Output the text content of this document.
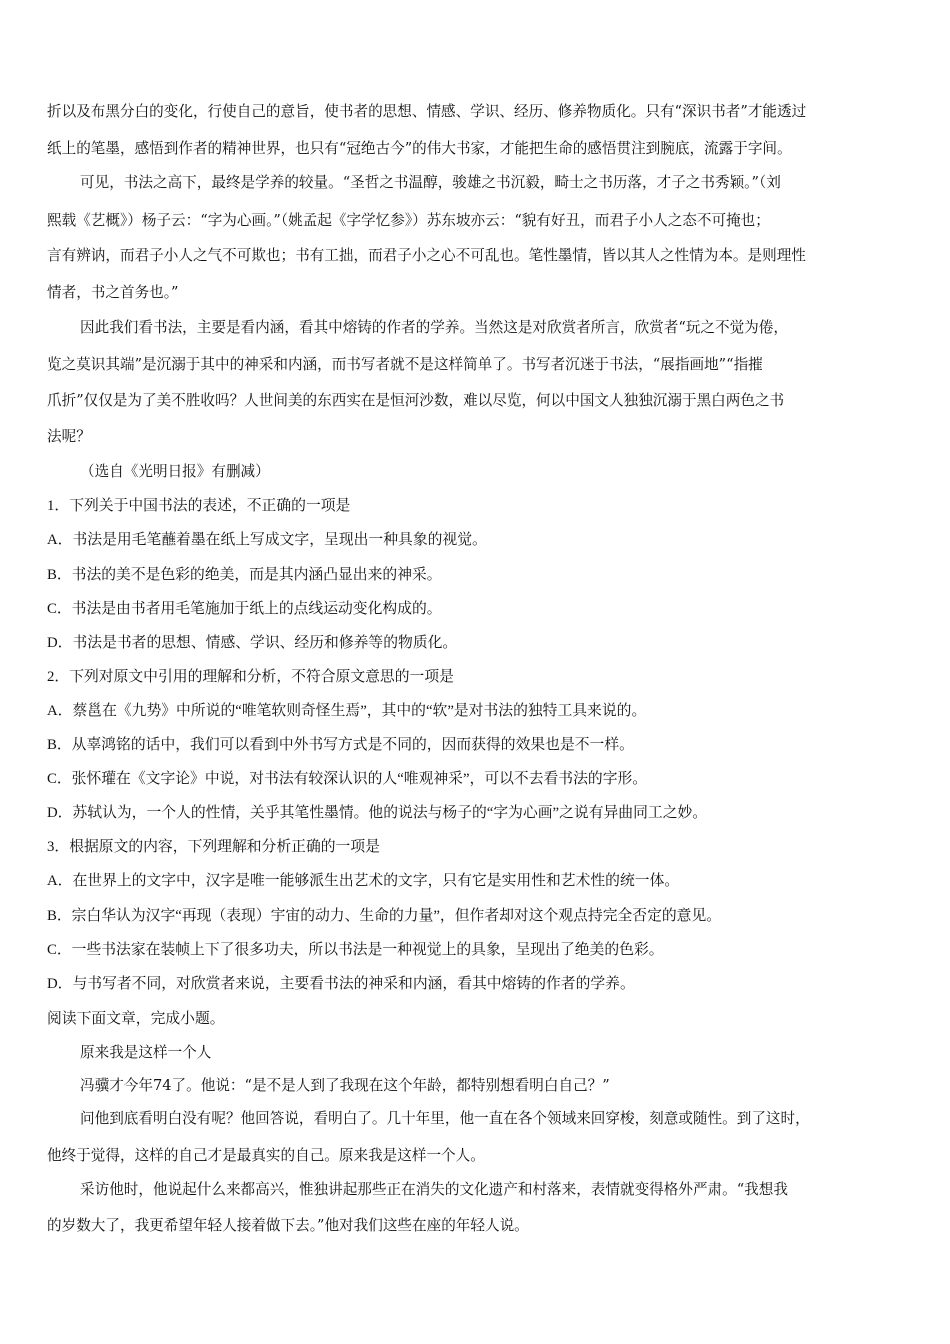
折以及布黑分白的变化，行使自己的意旨，使书者的思想、情感、学识、经历、修养物质化。只有“深识书者”才能透过
纸上的笔墨，感悟到作者的精神世界，也只有“冠绝古今”的伟大书家，才能把生命的感悟贯注到腕底，流露于字间。
可见，书法之高下，最终是学养的较量。“圣哲之书温醇，骏雄之书沉毅，畸士之书历落，才子之书秀颖。”（刘
熙载《艺概》）杨子云：“字为心画。”（姚孟起《字学忆参》）苏东坡亦云：“貌有好丑，而君子小人之态不可掩也；
言有辨讷，而君子小人之气不可欺也；书有工拙，而君子小之心不可乱也。笔性墨情，皆以其人之性情为本。是则理性
情者，书之首务也。”
因此我们看书法，主要是看内涵，看其中熔铸的作者的学养。当然这是对欣赏者所言，欣赏者“玩之不觉为倦，
览之莫识其端”是沉溺于其中的神采和内涵，而书写者就不是这样简单了。书写者沉迷于书法，“展指画地”“指摧
爪折”仅仅是为了美不胜收吗？人世间美的东西实在是恒河沙数，难以尽览，何以中国文人独独沉溺于黑白两色之书
法呢？
（选自《光明日报》有删减）
1．下列关于中国书法的表述，不正确的一项是
A．书法是用毛笔蘸着墨在纸上写成文字，呈现出一种具象的视觉。
B．书法的美不是色彩的绝美，而是其内涵凸显出来的神采。
C．书法是由书者用毛笔施加于纸上的点线运动变化构成的。
D．书法是书者的思想、情感、学识、经历和修养等的物质化。
2．下列对原文中引用的理解和分析，不符合原文意思的一项是
A．蔡邕在《九势》中所说的“唯笔软则奇怪生焉”，其中的“软”是对书法的独特工具来说的。
B．从辜鸿铭的话中，我们可以看到中外书写方式是不同的，因而获得的效果也是不一样。
C．张怀瓘在《文字论》中说，对书法有较深认识的人“唯观神采”，可以不去看书法的字形。
D．苏轼认为，一个人的性情，关乎其笔性墨情。他的说法与杨子的“字为心画”之说有异曲同工之妙。
3．根据原文的内容，下列理解和分析正确的一项是
A．在世界上的文字中，汉字是唯一能够派生出艺术的文字，只有它是实用性和艺术性的统一体。
B．宗白华认为汉字“再现（表现）宇宙的动力、生命的力量”，但作者却对这个观点持完全否定的意见。
C．一些书法家在装帧上下了很多功夫，所以书法是一种视觉上的具象，呈现出了绝美的色彩。
D．与书写者不同，对欣赏者来说，主要看书法的神采和内涵，看其中熔铸的作者的学养。
阅读下面文章，完成小题。
原来我是这样一个人
冯骥才今年74了。他说：“是不是人到了我现在这个年龄，都特别想看明白自己？”
问他到底看明白没有呢？他回答说，看明白了。几十年里，他一直在各个领域来回穿梭，刻意或随性。到了这时，
他终于觉得，这样的自己才是最真实的自己。原来我是这样一个人。
采访他时，他说起什么来都高兴，惟独讲起那些正在消失的文化遗产和村落来，表情就变得格外严肃。“我想我
的岁数大了，我更希望年轻人接着做下去。”他对我们这些在座的年轻人说。
